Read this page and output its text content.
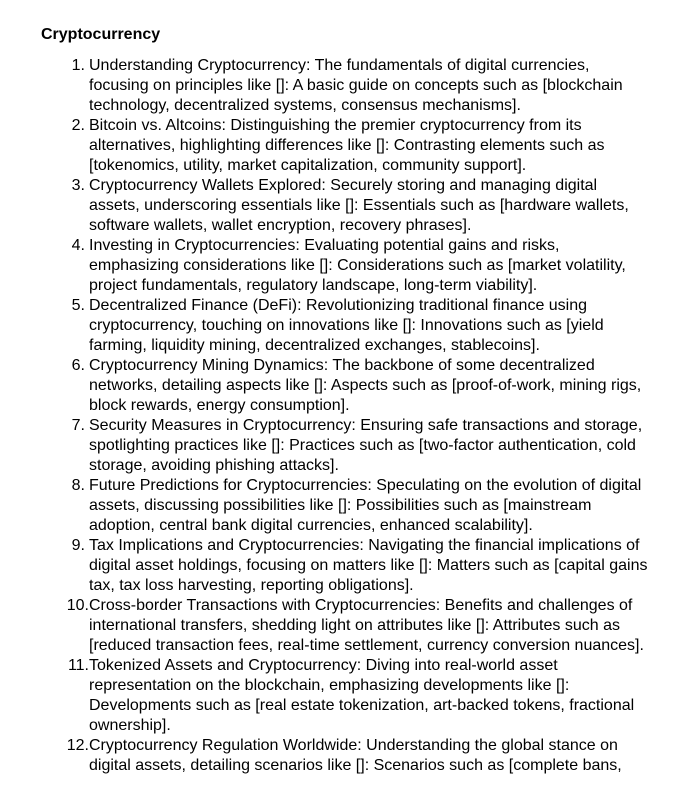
Cryptocurrency
1. Understanding Cryptocurrency: The fundamentals of digital currencies, focusing on principles like []: A basic guide on concepts such as [blockchain technology, decentralized systems, consensus mechanisms].
2. Bitcoin vs. Altcoins: Distinguishing the premier cryptocurrency from its alternatives, highlighting differences like []: Contrasting elements such as [tokenomics, utility, market capitalization, community support].
3. Cryptocurrency Wallets Explored: Securely storing and managing digital assets, underscoring essentials like []: Essentials such as [hardware wallets, software wallets, wallet encryption, recovery phrases].
4. Investing in Cryptocurrencies: Evaluating potential gains and risks, emphasizing considerations like []: Considerations such as [market volatility, project fundamentals, regulatory landscape, long-term viability].
5. Decentralized Finance (DeFi): Revolutionizing traditional finance using cryptocurrency, touching on innovations like []: Innovations such as [yield farming, liquidity mining, decentralized exchanges, stablecoins].
6. Cryptocurrency Mining Dynamics: The backbone of some decentralized networks, detailing aspects like []: Aspects such as [proof-of-work, mining rigs, block rewards, energy consumption].
7. Security Measures in Cryptocurrency: Ensuring safe transactions and storage, spotlighting practices like []: Practices such as [two-factor authentication, cold storage, avoiding phishing attacks].
8. Future Predictions for Cryptocurrencies: Speculating on the evolution of digital assets, discussing possibilities like []: Possibilities such as [mainstream adoption, central bank digital currencies, enhanced scalability].
9. Tax Implications and Cryptocurrencies: Navigating the financial implications of digital asset holdings, focusing on matters like []: Matters such as [capital gains tax, tax loss harvesting, reporting obligations].
10. Cross-border Transactions with Cryptocurrencies: Benefits and challenges of international transfers, shedding light on attributes like []: Attributes such as [reduced transaction fees, real-time settlement, currency conversion nuances].
11. Tokenized Assets and Cryptocurrency: Diving into real-world asset representation on the blockchain, emphasizing developments like []: Developments such as [real estate tokenization, art-backed tokens, fractional ownership].
12. Cryptocurrency Regulation Worldwide: Understanding the global stance on digital assets, detailing scenarios like []: Scenarios such as [complete bans,
